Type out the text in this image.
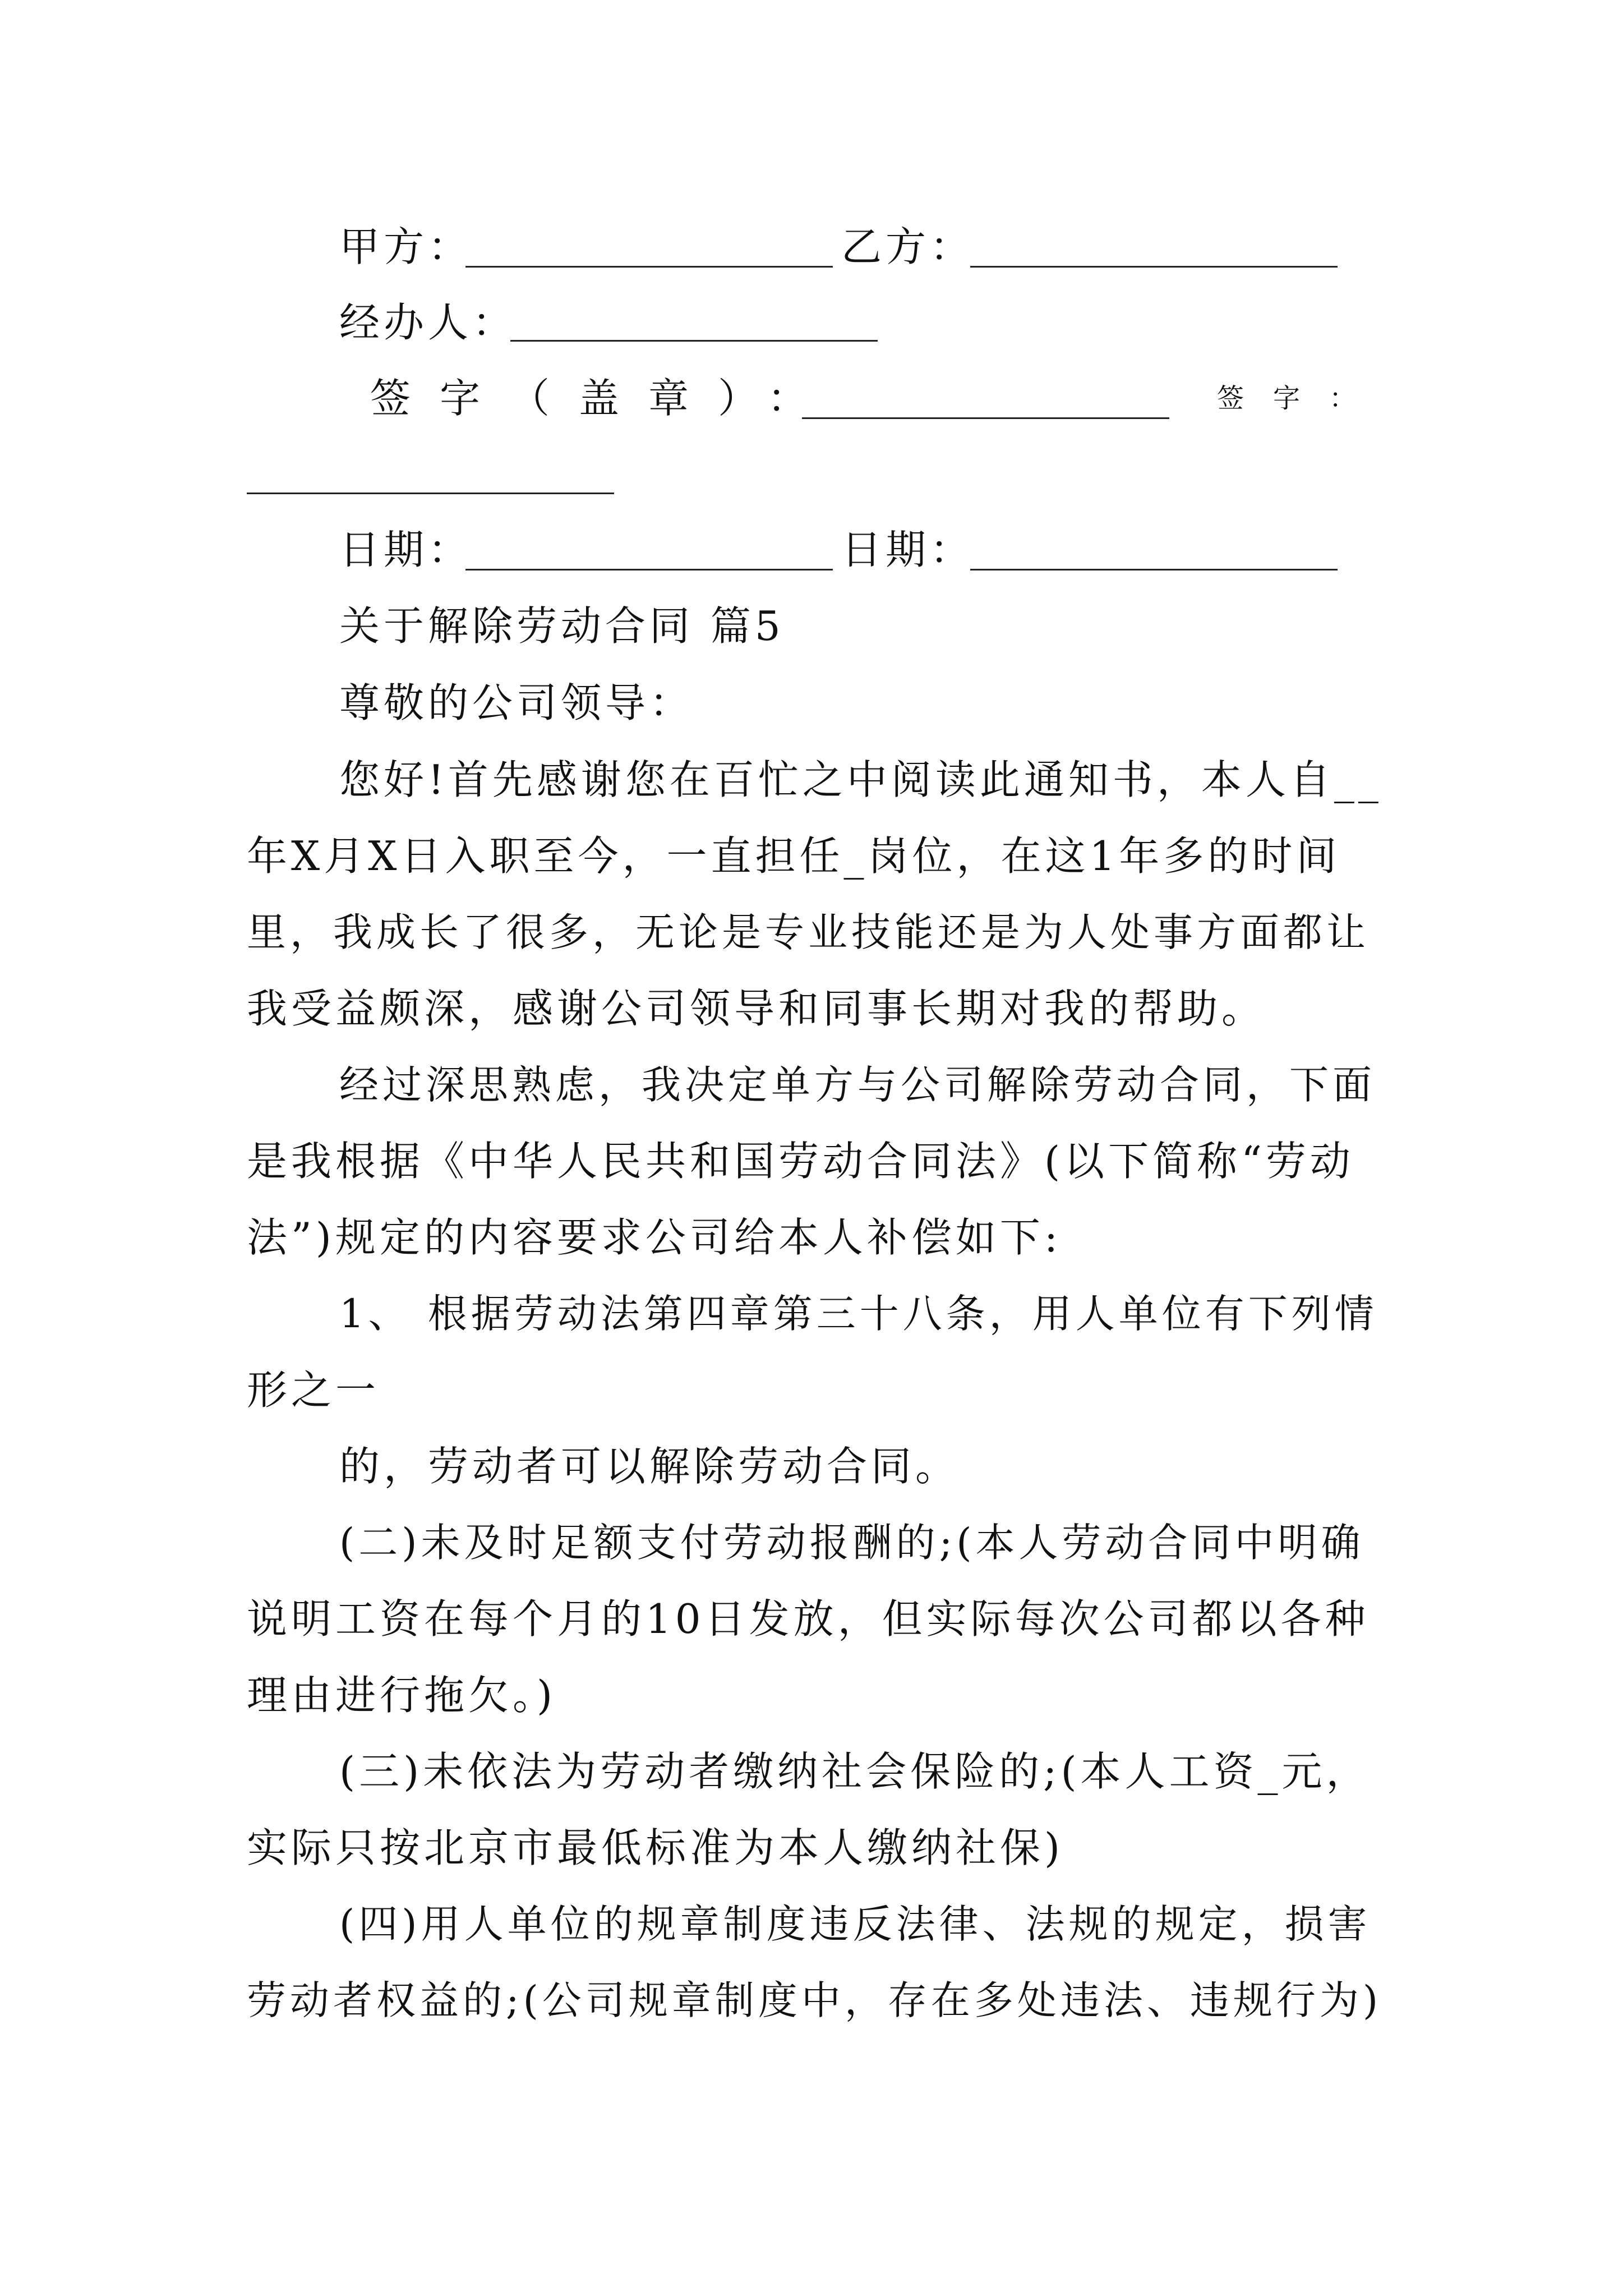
甲方：	乙方：
经办人：
签字（盖章）：	签字：
日期：	日期：
关于解除劳动合同 篇5
尊敬的公司领导：
您好!首先感谢您在百忙之中阅读此通知书，本人自__
年X月X日入职至今，一直担任_岗位，在这1年多的时间
里，我成长了很多，无论是专业技能还是为人处事方面都让
我受益颇深，感谢公司领导和同事长期对我的帮助。
经过深思熟虑，我决定单方与公司解除劳动合同，下面
是我根据《中华人民共和国劳动合同法》(以下简称“劳动
法”)规定的内容要求公司给本人补偿如下:
1、 根据劳动法第四章第三十八条，用人单位有下列情
形之一
的，劳动者可以解除劳动合同。
(二)未及时足额支付劳动报酬的;(本人劳动合同中明确
说明工资在每个月的10日发放，但实际每次公司都以各种
理由进行拖欠。)
(三)未依法为劳动者缴纳社会保险的;(本人工资_元，
实际只按北京市最低标准为本人缴纳社保)
(四)用人单位的规章制度违反法律、法规的规定，损害
劳动者权益的;(公司规章制度中，存在多处违法、违规行为)
